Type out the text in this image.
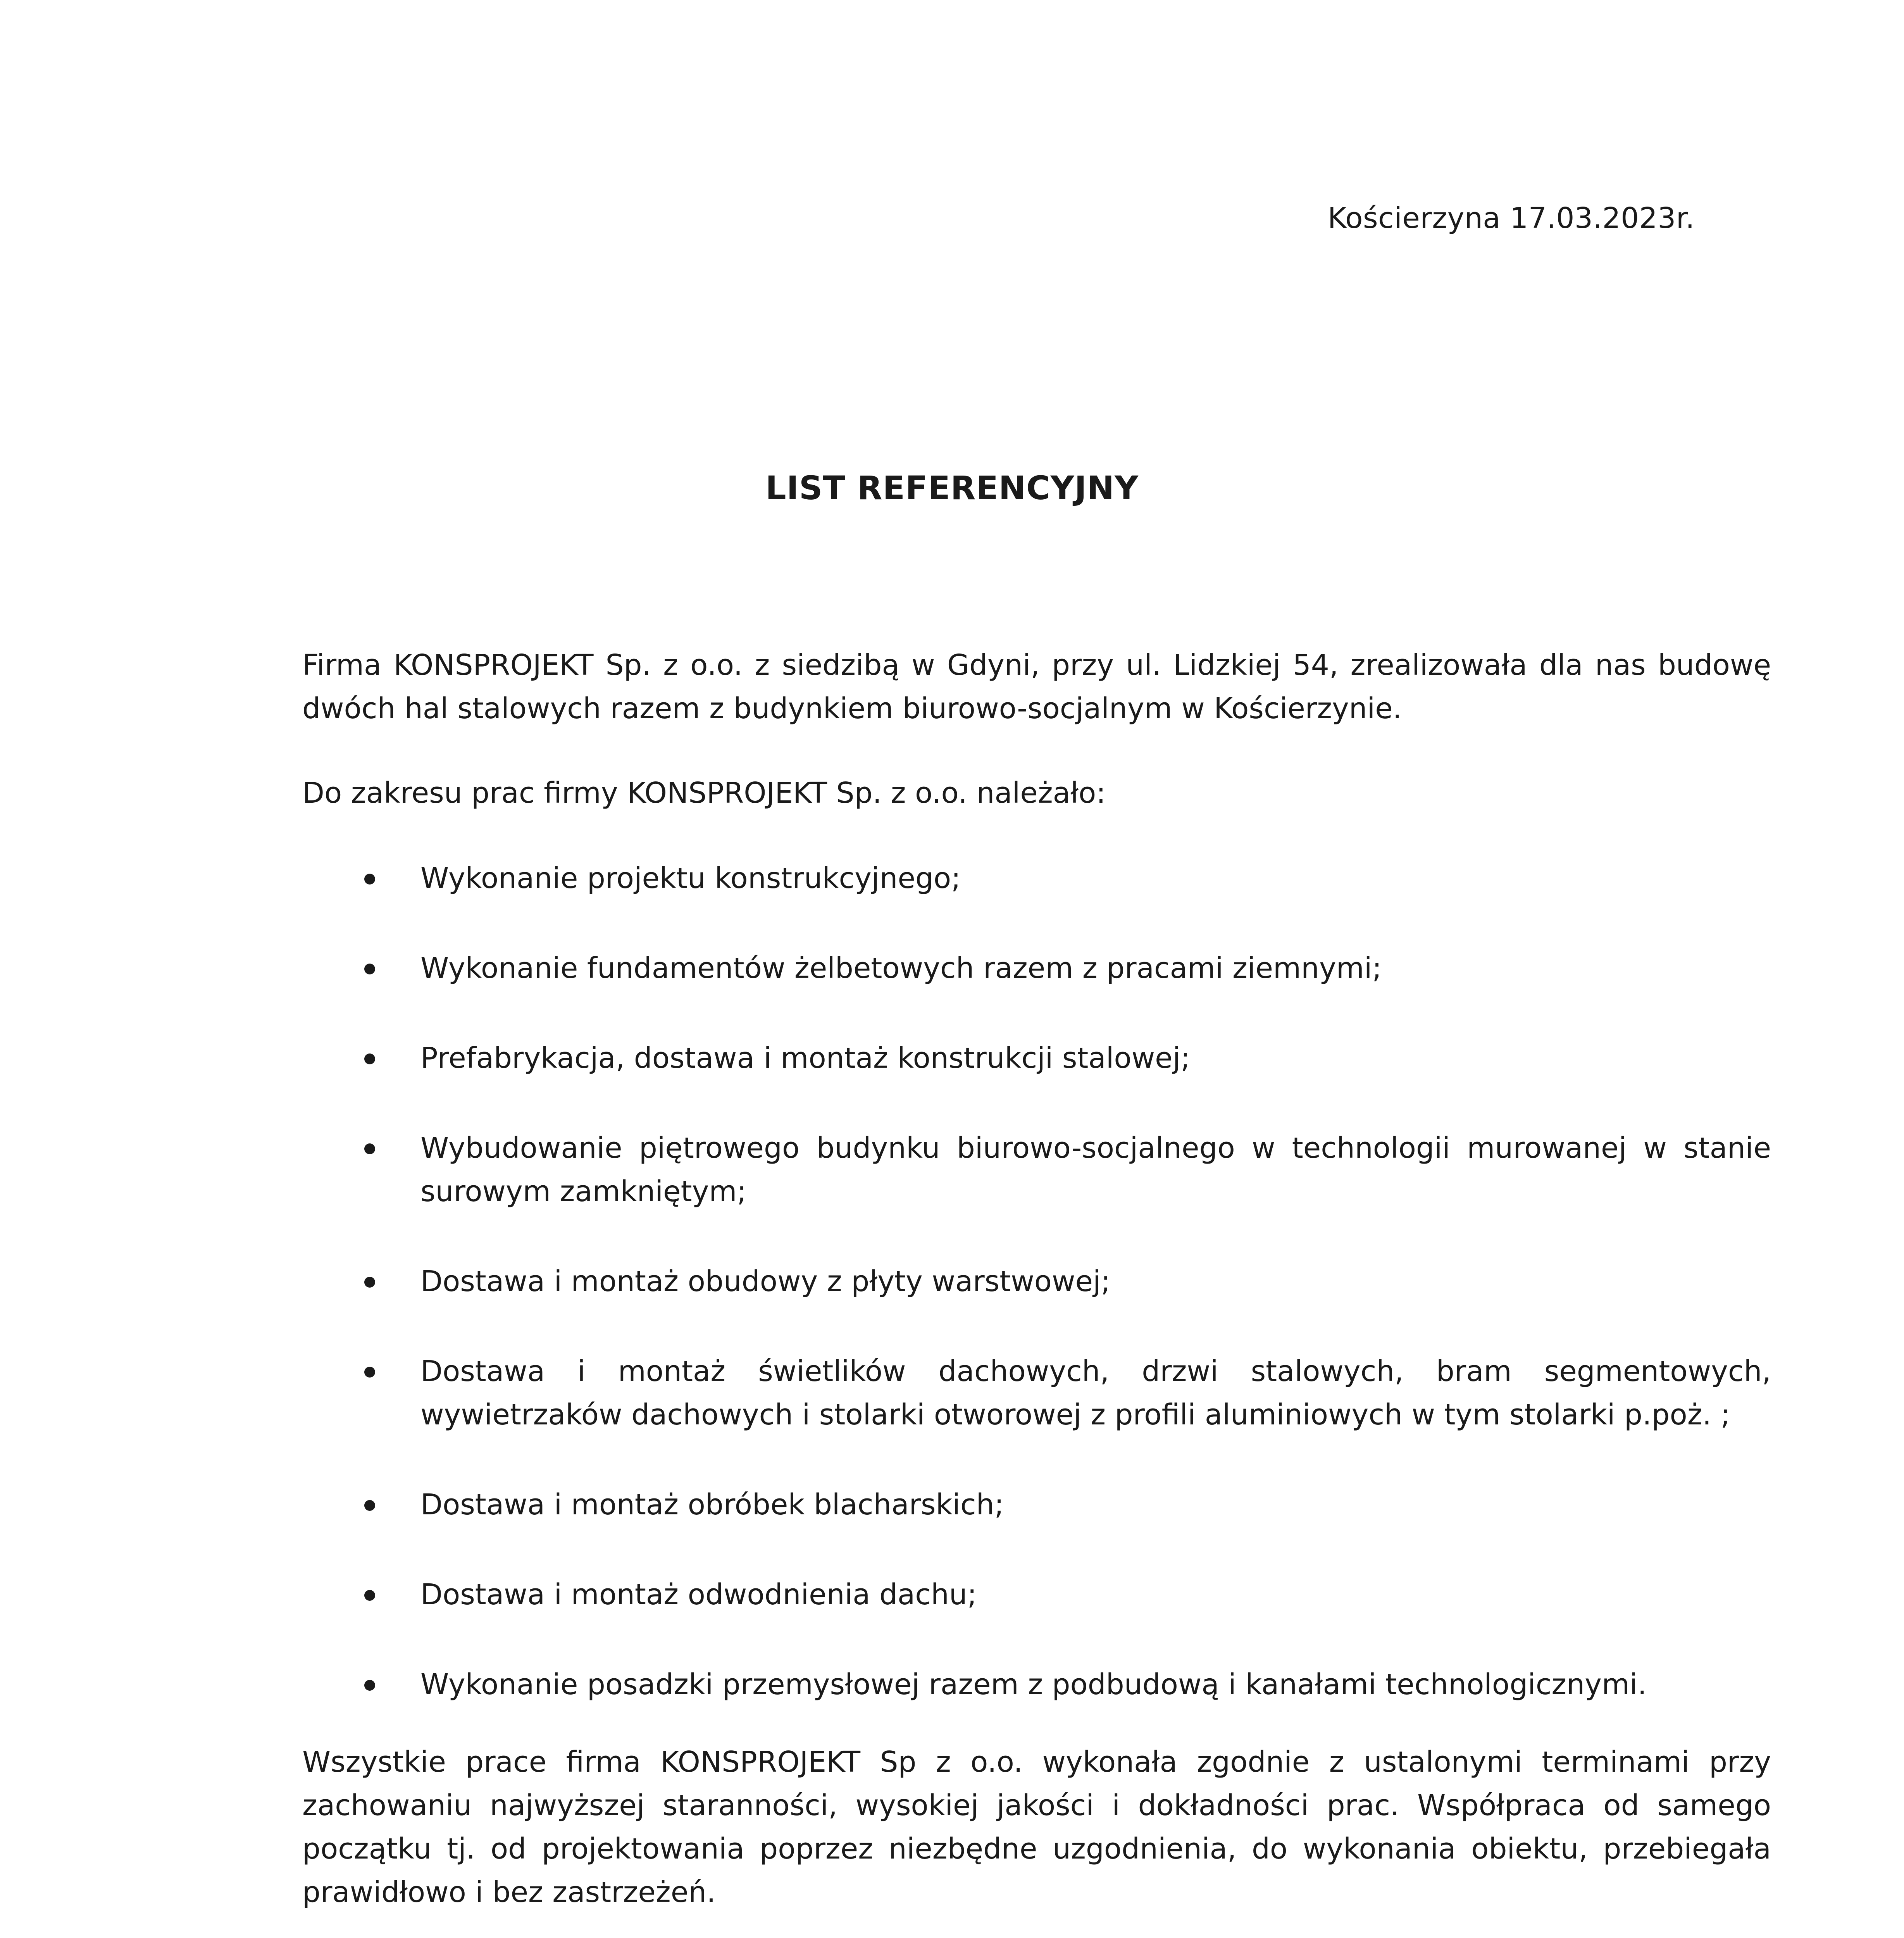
Kościerzyna 17.03.2023r.
LIST REFERENCYJNY
Firma KONSPROJEKT Sp. z o.o. z siedzibą w Gdyni, przy ul. Lidzkiej 54, zrealizowała dla nas budowę dwóch hal stalowych razem z budynkiem biurowo-socjalnym w Kościerzynie.
Do zakresu prac firmy KONSPROJEKT Sp. z o.o. należało:
Wykonanie projektu konstrukcyjnego;
Wykonanie fundamentów żelbetowych razem z pracami ziemnymi;
Prefabrykacja, dostawa i montaż konstrukcji stalowej;
Wybudowanie piętrowego budynku biurowo-socjalnego w technologii murowanej w stanie surowym zamkniętym;
Dostawa i montaż obudowy z płyty warstwowej;
Dostawa i montaż świetlików dachowych, drzwi stalowych, bram segmentowych, wywietrzaków dachowych i stolarki otworowej z profili aluminiowych w tym stolarki p.poż. ;
Dostawa i montaż obróbek blacharskich;
Dostawa i montaż odwodnienia dachu;
Wykonanie posadzki przemysłowej razem z podbudową i kanałami technologicznymi.
Wszystkie prace firma KONSPROJEKT Sp z o.o. wykonała zgodnie z ustalonymi terminami przy zachowaniu najwyższej staranności, wysokiej jakości i dokładności prac. Współpraca od samego początku tj. od projektowania poprzez niezbędne uzgodnienia, do wykonania obiektu, przebiegała prawidłowo i bez zastrzeżeń.
